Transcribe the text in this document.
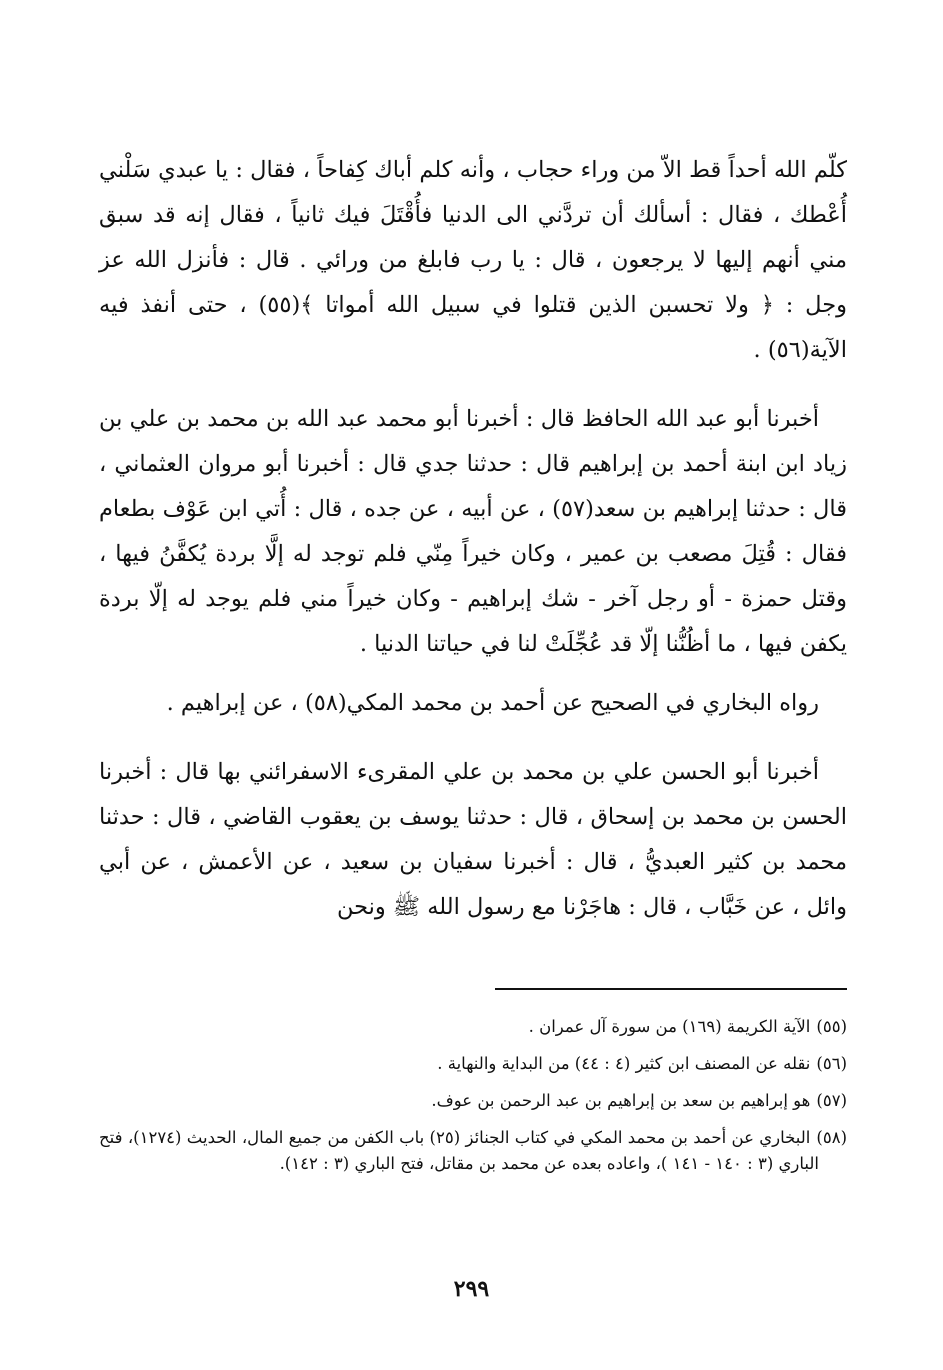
كلّم الله أحداً قط الاّ من وراء حجاب ، وأنه كلم أباك كِفاحاً ، فقال : يا عبدي سَلْني أُعْطك ، فقال : أسألك أن تردَّني الى الدنيا فأُقْتَلَ فيك ثانياً ، فقال إنه قد سبق مني أنهم إليها لا يرجعون ، قال : يا رب فابلغ من ورائي . قال : فأنزل الله عز وجل : ﴿ ولا تحسبن الذين قتلوا في سبيل الله أمواتا ﴾(٥٥) ، حتى أنفذ فيه الآية(٥٦) .

أخبرنا أبو عبد الله الحافظ قال : أخبرنا أبو محمد عبد الله بن محمد بن علي بن زياد ابن ابنة أحمد بن إبراهيم قال : حدثنا جدي قال : أخبرنا أبو مروان العثماني ، قال : حدثنا إبراهيم بن سعد(٥٧) ، عن أبيه ، عن جده ، قال : أُتي ابن عَوْف بطعام فقال : قُتِلَ مصعب بن عمير ، وكان خيراً مِنّي فلم توجد له إلَّا بردة يُكفَّنُ فيها ، وقتل حمزة - أو رجل آخر - شك إبراهيم - وكان خيراً مني فلم يوجد له إلّا بردة يكفن فيها ، ما أظُنُّنا إلّا قد عُجِّلَتْ لنا في حياتنا الدنيا .

رواه البخاري في الصحيح عن أحمد بن محمد المكي(٥٨) ، عن إبراهيم .

أخبرنا أبو الحسن علي بن محمد بن علي المقرىء الاسفرائني بها قال : أخبرنا الحسن بن محمد بن إسحاق ، قال : حدثنا يوسف بن يعقوب القاضي ، قال : حدثنا محمد بن كثير العبديُّ ، قال : أخبرنا سفيان بن سعيد ، عن الأعمش ، عن أبي وائل ، عن خَبَّاب ، قال : هاجَرْنا مع رسول الله ﷺ ونحن

(٥٥)الآية الكريمة (١٦٩) من سورة آل عمران .

(٥٦)نقله عن المصنف ابن كثير (٤ : ٤٤) من البداية والنهاية .

(٥٧)هو إبراهيم بن سعد بن إبراهيم بن عبد الرحمن بن عوف.

(٥٨)البخاري عن أحمد بن محمد المكي في كتاب الجنائز (٢٥) باب الكفن من جميع المال، الحديث (١٢٧٤)، فتح الباري (٣ : ١٤٠ - ١٤١ )، واعاده بعده عن محمد بن مقاتل، فتح الباري (٣ : ١٤٢).

٢٩٩
